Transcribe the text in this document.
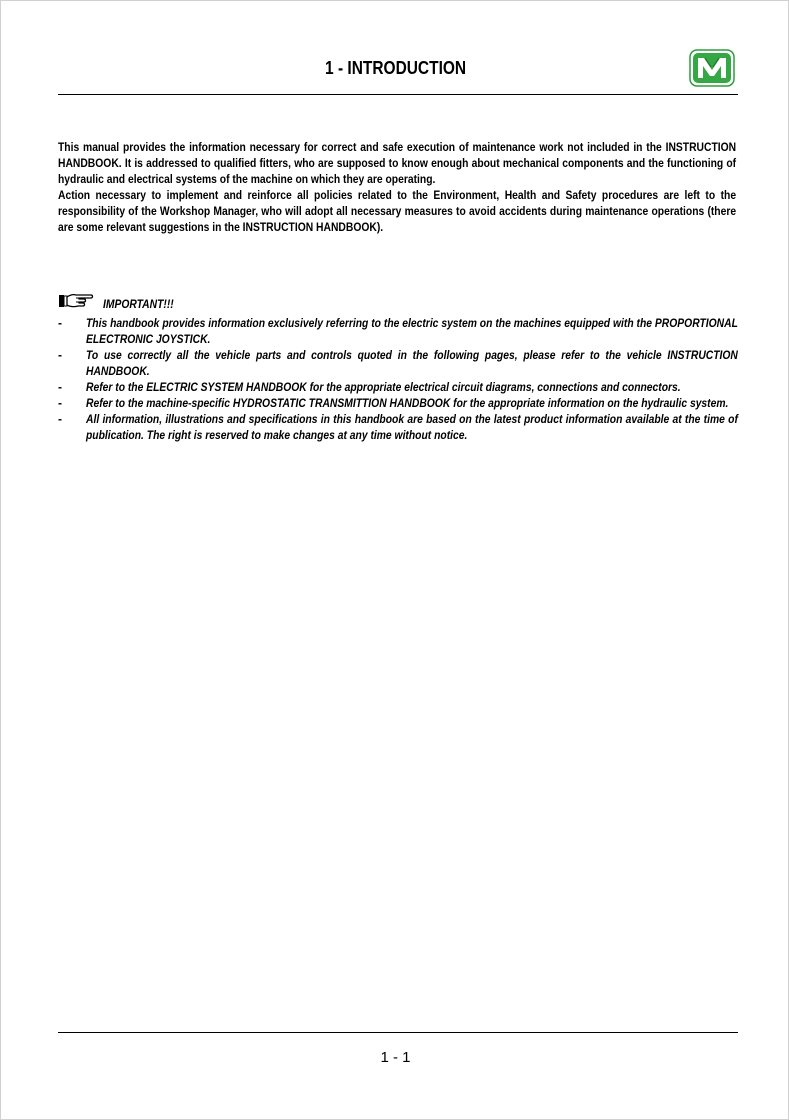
1 - INTRODUCTION

This manual provides the information necessary for correct and safe execution of maintenance work not included in the INSTRUCTION HANDBOOK. It is addressed to qualified fitters, who are supposed to know enough about mechanical components and the functioning of hydraulic and electrical systems of the machine on which they are operating.

Action necessary to implement and reinforce all policies related to the Environment, Health and Safety procedures are left to the responsibility of the Workshop Manager, who will adopt all necessary measures to avoid accidents during maintenance operations (there are some relevant suggestions in the INSTRUCTION HANDBOOK).

IMPORTANT!!!
- This handbook provides information exclusively referring to the electric system on the machines equipped with the PROPORTIONAL ELECTRONIC JOYSTICK.
- To use correctly all the vehicle parts and controls quoted in the following pages, please refer to the vehicle INSTRUCTION HANDBOOK.
- Refer to the ELECTRIC SYSTEM HANDBOOK for the appropriate electrical circuit diagrams, connections and connectors.
- Refer to the machine-specific HYDROSTATIC TRANSMITTION HANDBOOK for the appropriate information on the hydraulic system.
- All information, illustrations and specifications in this handbook are based on the latest product information available at the time of publication. The right is reserved to make changes at any time without notice.
1 - 1
